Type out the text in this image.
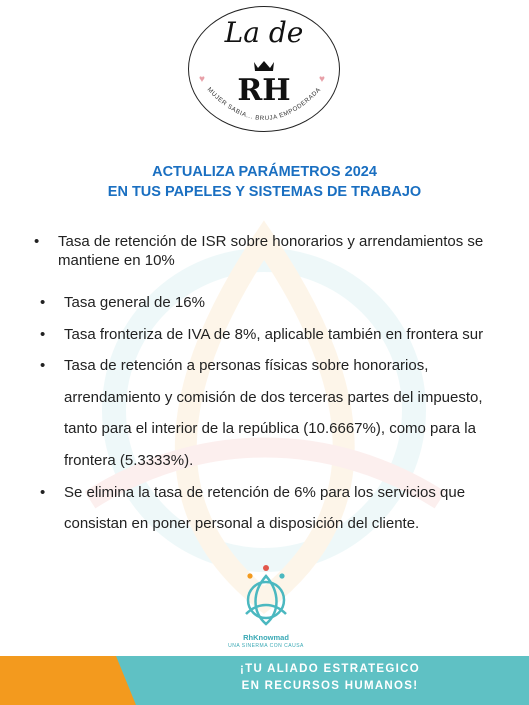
La de
RH
♥	♥
MUJER SABIA... BRUJA EMPODERADA
ACTUALIZA PARÁMETROS 2024
EN TUS PAPELES Y SISTEMAS DE TRABAJO
• Tasa de retención de ISR sobre honorarios y arrendamientos se mantiene en 10%
• Tasa general de 16%
• Tasa fronteriza de IVA de 8%, aplicable también en frontera sur
• Tasa de retención a personas físicas sobre honorarios, arrendamiento y comisión de dos terceras partes del impuesto, tanto para el interior de la república (10.6667%), como para la frontera (5.3333%).
• Se elimina la tasa de retención de 6% para los servicios que consistan en poner personal a disposición del cliente.
RhKnowmad
UNA SINERMA CON CAUSA
¡TU ALIADO ESTRATEGICO
EN RECURSOS HUMANOS!
